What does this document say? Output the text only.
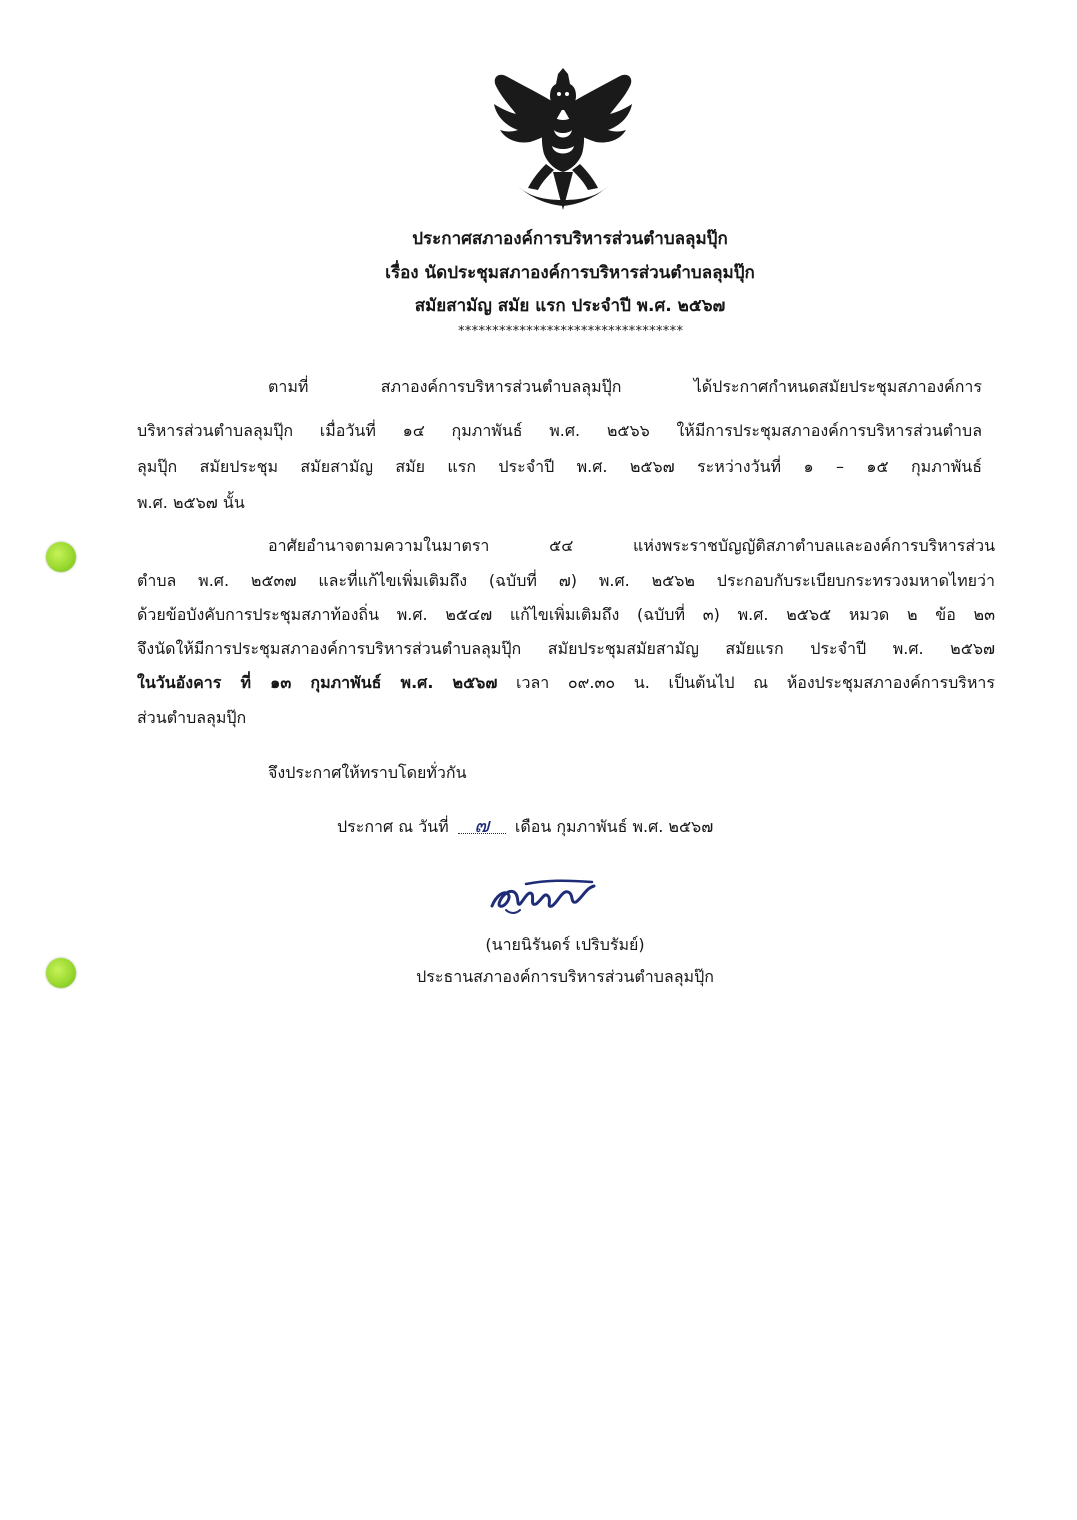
ประกาศสภาองค์การบริหารส่วนตำบลลุมปุ๊ก
เรื่อง นัดประชุมสภาองค์การบริหารส่วนตำบลลุมปุ๊ก
สมัยสามัญ สมัย แรก ประจำปี พ.ศ. ๒๕๖๗
*********************************
ตามที่ สภาองค์การบริหารส่วนตำบลลุมปุ๊ก ได้ประกาศกำหนดสมัยประชุมสภาองค์การ
บริหารส่วนตำบลลุมปุ๊ก เมื่อวันที่ ๑๔ กุมภาพันธ์ พ.ศ. ๒๕๖๖ ให้มีการประชุมสภาองค์การบริหารส่วนตำบล
ลุมปุ๊ก สมัยประชุม สมัยสามัญ สมัย แรก ประจำปี พ.ศ. ๒๕๖๗ ระหว่างวันที่ ๑ – ๑๕ กุมภาพันธ์
พ.ศ. ๒๕๖๗ นั้น
อาศัยอำนาจตามความในมาตรา ๕๔ แห่งพระราชบัญญัติสภาตำบลและองค์การบริหารส่วน
ตำบล พ.ศ. ๒๕๓๗ และที่แก้ไขเพิ่มเติมถึง (ฉบับที่ ๗) พ.ศ. ๒๕๖๒ ประกอบกับระเบียบกระทรวงมหาดไทยว่า
ด้วยข้อบังคับการประชุมสภาท้องถิ่น พ.ศ. ๒๕๔๗ แก้ไขเพิ่มเติมถึง (ฉบับที่ ๓) พ.ศ. ๒๕๖๕ หมวด ๒ ข้อ ๒๓
จึงนัดให้มีการประชุมสภาองค์การบริหารส่วนตำบลลุมปุ๊ก สมัยประชุมสมัยสามัญ สมัยแรก ประจำปี พ.ศ. ๒๕๖๗
ในวันอังคาร ที่ ๑๓ กุมภาพันธ์ พ.ศ. ๒๕๖๗ เวลา ๐๙.๓๐ น. เป็นต้นไป ณ ห้องประชุมสภาองค์การบริหาร
ส่วนตำบลลุมปุ๊ก
จึงประกาศให้ทราบโดยทั่วกัน
ประกาศ ณ วันที่ ๗ เดือน กุมภาพันธ์ พ.ศ. ๒๕๖๗
(นายนิรันดร์ เปริบรัมย์)
ประธานสภาองค์การบริหารส่วนตำบลลุมปุ๊ก
